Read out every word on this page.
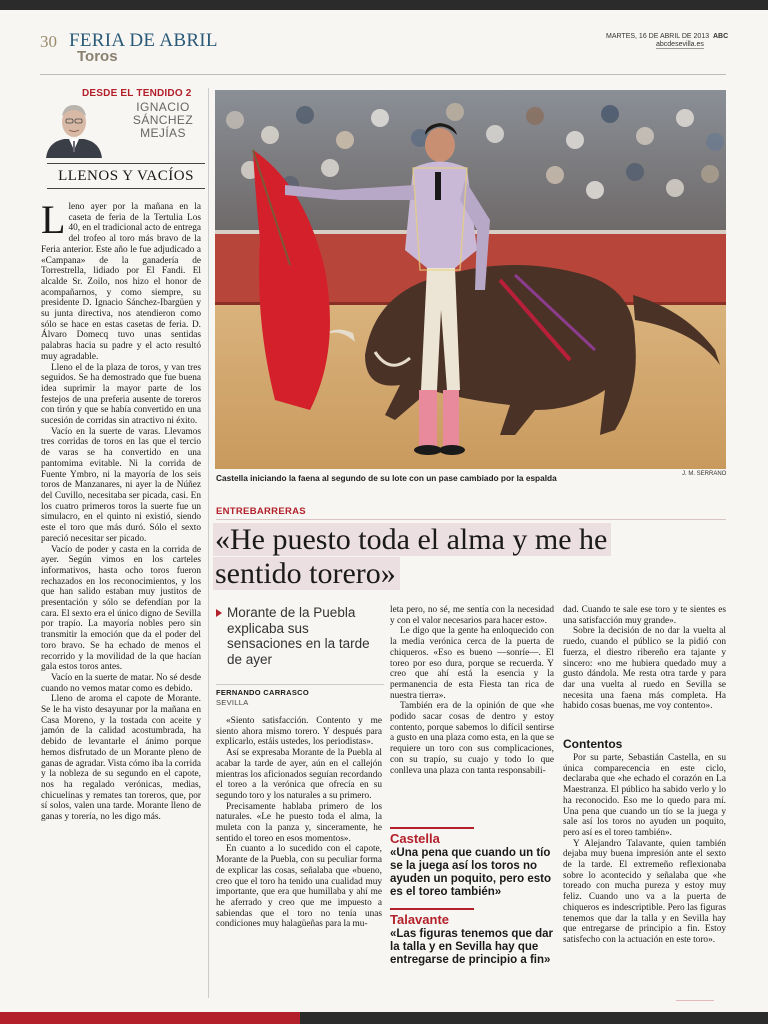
30 FERIA DE ABRIL
Toros
MARTES, 16 DE ABRIL DE 2013 ABC
abcdesevilla.es
DESDE EL TENDIDO 2
IGNACIO
SÁNCHEZ
MEJÍAS
LLENOS Y VACÍOS

Lleno ayer por la mañana en la caseta de feria de la Tertulia Los 40, en el tradicional acto de entrega del trofeo al toro más bravo de la Feria anterior. Este año le fue adjudicado a «Campana» de la ganadería de Torrestrella, lidiado por El Fandi. El alcalde Sr. Zoilo, nos hizo el honor de acompañarnos, y como siempre, su presidente D. Ignacio Sánchez-Ibargüen y su junta directiva, nos atendieron como sólo se hace en estas casetas de feria. D. Álvaro Domecq tuvo unas sentidas palabras hacia su padre y el acto resultó muy agradable.

Lleno el de la plaza de toros, y van tres seguidos. Se ha demostrado que fue buena idea suprimir la mayor parte de los festejos de una preferia ausente de toreros con tirón y que se había convertido en una sucesión de corridas sin atractivo ni éxito.

Vacío en la suerte de varas. Llevamos tres corridas de toros en las que el tercio de varas se ha convertido en una pantomima evitable. Ni la corrida de Fuente Ymbro, ni la mayoría de los seis toros de Manzanares, ni ayer la de Núñez del Cuvillo, necesitaba ser picada, casi. En los cuatro primeros toros la suerte fue un simulacro, en el quinto ni existió, siendo este el toro que más duró. Sólo el sexto pareció necesitar ser picado.

Vacío de poder y casta en la corrida de ayer. Según vimos en los carteles informativos, hasta ocho toros fueron rechazados en los reconocimientos, y los que han salido estaban muy justitos de presentación y sólo se defendían por la cara. El sexto era el único digno de Sevilla por trapío. La mayoría nobles pero sin transmitir la emoción que da el poder del toro bravo. Se ha echado de menos el recorrido y la movilidad de la que hacían gala estos toros antes.

Vacío en la suerte de matar. No sé desde cuando no vemos matar como es debido.

Lleno de aroma el capote de Morante. Se le ha visto desayunar por la mañana en Casa Moreno, y la tostada con aceite y jamón de la calidad acostumbrada, ha debido de levantarle el ánimo porque hemos disfrutado de un Morante pleno de ganas de agradar. Vista cómo iba la corrida y la nobleza de su segundo en el capote, nos ha regalado verónicas, medias, chicuelinas y remates tan toreros, que, por sí solos, valen una tarde. Morante lleno de ganas y torería, no les digo más.

Castella iniciando la faena al segundo de su lote con un pase cambiado por la espalda	J. M. SERRANO
ENTREBARRERAS
«He puesto toda el alma y me he
sentido torero»
Morante de la Puebla explicaba sus sensaciones en la tarde de ayer
FERNANDO CARRASCO
SEVILLA

«Siento satisfacción. Contento y me siento ahora mismo torero. Y después para explicarlo, estáis ustedes, los periodistas».

Así se expresaba Morante de la Puebla al acabar la tarde de ayer, aún en el callejón mientras los aficionados seguían recordando el toreo a la verónica que ofrecía en su segundo toro y los naturales a su primero.

Precisamente hablaba primero de los naturales. «Le he puesto toda el alma, la muleta con la panza y, sinceramente, he sentido el toreo en esos momentos».

En cuanto a lo sucedido con el capote, Morante de la Puebla, con su peculiar forma de explicar las cosas, señalaba que «bueno, creo que el toro ha tenido una cualidad muy importante, que era que humillaba y ahí me he aferrado y creo que me impuesto a sabiendas que el toro no tenía unas condiciones muy halagüeñas para la mu-

leta pero, no sé, me sentía con la necesidad y con el valor necesarios para hacer esto».

Le digo que la gente ha enloquecido con la media verónica cerca de la puerta de chiqueros. «Eso es bueno —sonríe—. El toreo por eso dura, porque se recuerda. Y creo que ahí está la esencia y la permanencia de esta Fiesta tan rica de nuestra tierra».

También era de la opinión de que «he podido sacar cosas de dentro y estoy contento, porque sabemos lo difícil sentirse a gusto en una plaza como esta, en la que se requiere un toro con sus complicaciones, con su trapío, su cuajo y todo lo que conlleva una plaza con tanta responsabili-

Castella
«Una pena que cuando un tío se la juega así los toros no ayuden un poquito, pero esto es el toreo también»
Talavante
«Las figuras tenemos que dar la talla y en Sevilla hay que entregarse de principio a fin»

dad. Cuando te sale ese toro y te sientes es una satisfacción muy grande».

Sobre la decisión de no dar la vuelta al ruedo, cuando el público se la pidió con fuerza, el diestro ribereño era tajante y sincero: «no me hubiera quedado muy a gusto dándola. Me resta otra tarde y para dar una vuelta al ruedo en Sevilla se necesita una faena más completa. Ha habido cosas buenas, me voy contento».

Contentos

Por su parte, Sebastián Castella, en su única comparecencia en este ciclo, declaraba que «he echado el corazón en La Maestranza. El público ha sabido verlo y lo ha reconocido. Eso me lo quedo para mí. Una pena que cuando un tío se la juega y sale así los toros no ayuden un poquito, pero así es el toreo también».

Y Alejandro Talavante, quien también dejaba muy buena impresión ante el sexto de la tarde. El extremeño reflexionaba sobre lo acontecido y señalaba que «he toreado con mucha pureza y estoy muy feliz. Cuando uno va a la puerta de chiqueros es indescriptible. Pero las figuras tenemos que dar la talla y en Sevilla hay que entregarse de principio a fin. Estoy satisfecho con la actuación en este toro».
